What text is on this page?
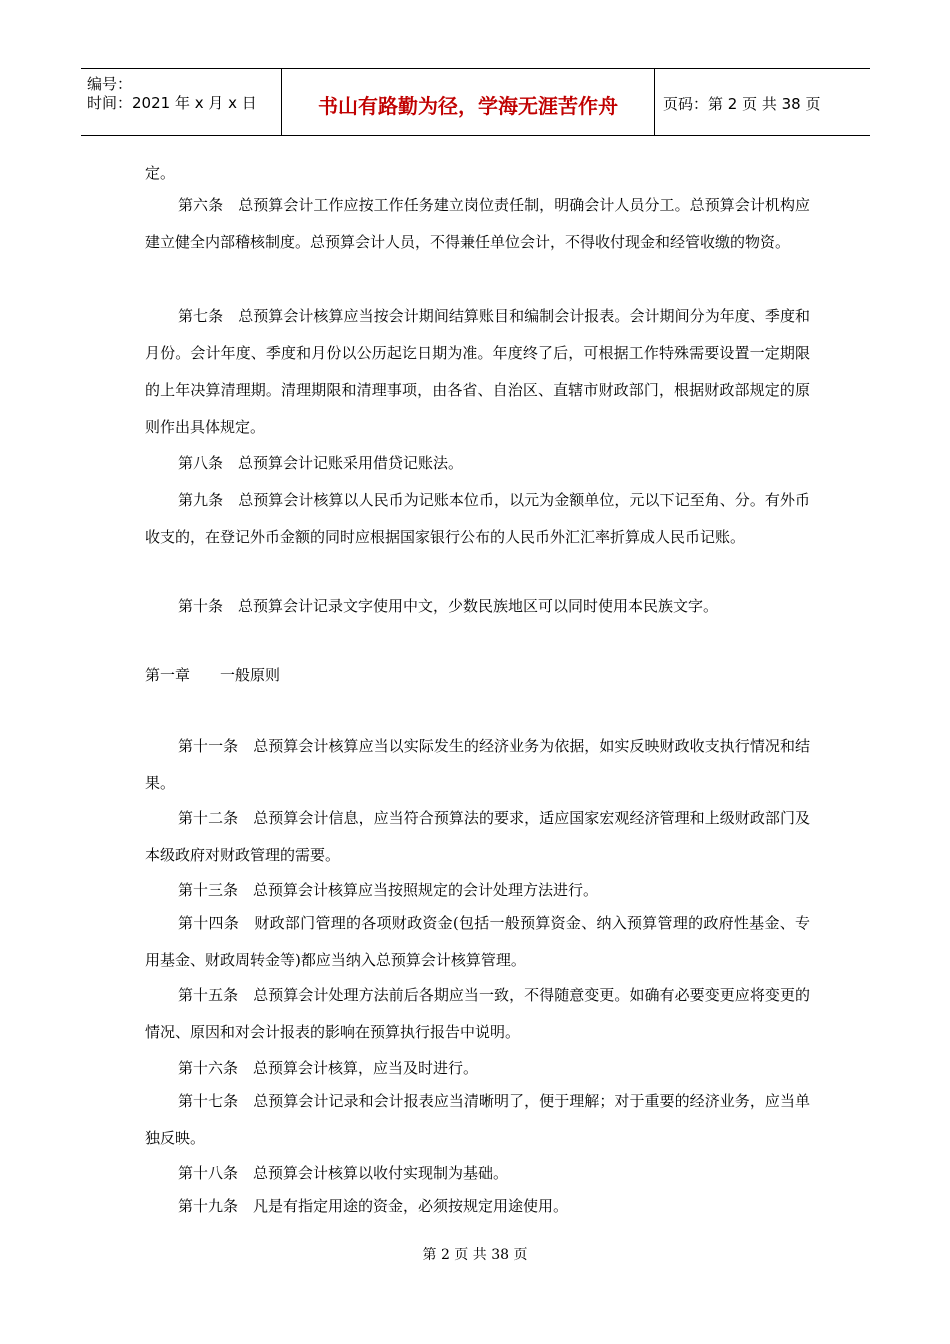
编号：
时间：2021 年 x 月 x 日	书山有路勤为径，学海无涯苦作舟	页码：第 2 页 共 38 页
定。
第六条　总预算会计工作应按工作任务建立岗位责任制，明确会计人员分工。总预算会计机构应建立健全内部稽核制度。总预算会计人员，不得兼任单位会计，不得收付现金和经管收缴的物资。
第七条　总预算会计核算应当按会计期间结算账目和编制会计报表。会计期间分为年度、季度和月份。会计年度、季度和月份以公历起讫日期为准。年度终了后，可根据工作特殊需要设置一定期限的上年决算清理期。清理期限和清理事项，由各省、自治区、直辖市财政部门，根据财政部规定的原则作出具体规定。
第八条　总预算会计记账采用借贷记账法。
第九条　总预算会计核算以人民币为记账本位币，以元为金额单位，元以下记至角、分。有外币收支的，在登记外币金额的同时应根据国家银行公布的人民币外汇汇率折算成人民币记账。
第十条　总预算会计记录文字使用中文，少数民族地区可以同时使用本民族文字。
第一章　　一般原则
第十一条　总预算会计核算应当以实际发生的经济业务为依据，如实反映财政收支执行情况和结果。
第十二条　总预算会计信息，应当符合预算法的要求，适应国家宏观经济管理和上级财政部门及本级政府对财政管理的需要。
第十三条　总预算会计核算应当按照规定的会计处理方法进行。
第十四条　财政部门管理的各项财政资金(包括一般预算资金、纳入预算管理的政府性基金、专用基金、财政周转金等)都应当纳入总预算会计核算管理。
第十五条　总预算会计处理方法前后各期应当一致，不得随意变更。如确有必要变更应将变更的情况、原因和对会计报表的影响在预算执行报告中说明。
第十六条　总预算会计核算，应当及时进行。
第十七条　总预算会计记录和会计报表应当清晰明了，便于理解；对于重要的经济业务，应当单独反映。
第十八条　总预算会计核算以收付实现制为基础。
第十九条　凡是有指定用途的资金，必须按规定用途使用。
第 2 页 共 38 页
